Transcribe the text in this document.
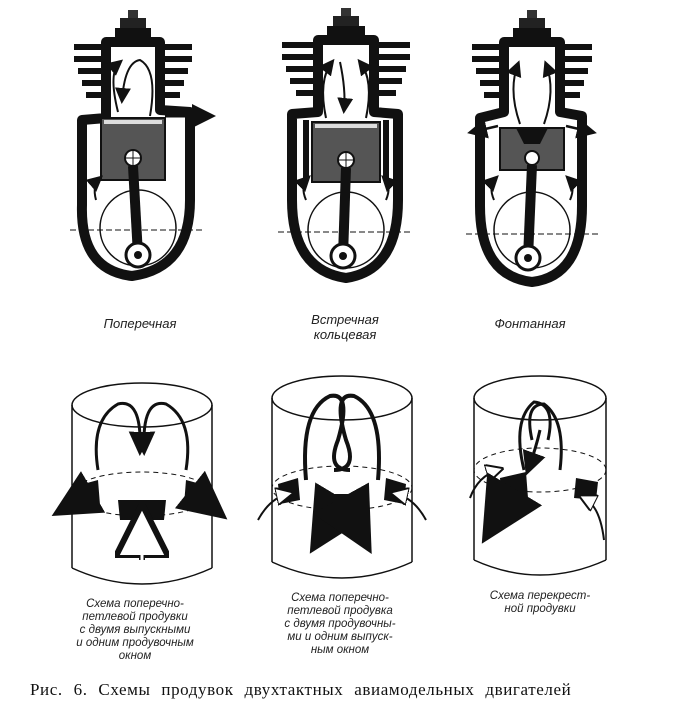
Поперечная	Встречная
кольцевая
Фонтанная
Схема поперечно-
петлевой продувки
с двумя выпускными
и одним продувочным
окном
Схема поперечно-
петлевой продувка
с двумя продувочны-
ми и одним выпуск-
ным окном
Схема перекрест-
ной продувки
Рис. 6. Схемы продувок двухтактных авиамодельных двигателей
